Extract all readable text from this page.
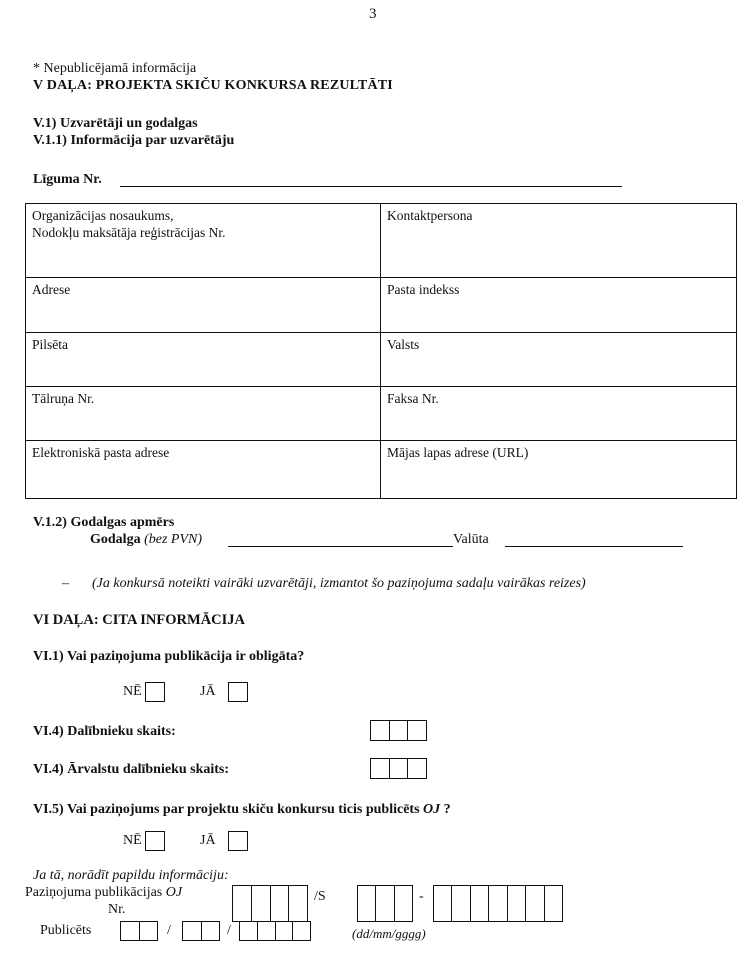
3
* Nepublicējamā informācija
V DAĻA: PROJEKTA SKIČU KONKURSA REZULTĀTI
V.1) Uzvarētāji un godalgas
V.1.1) Informācija par uzvarētāju
Līguma Nr.
Organizācijas nosaukums,
Nodokļu maksātāja reģistrācijas Nr.	Kontaktpersona

Adrese	Pasta indekss

Pilsēta	Valsts

Tālruņa Nr.	Faksa Nr.

Elektroniskā pasta adrese	Mājas lapas adrese (URL)
V.1.2) Godalgas apmērs
Godalga (bez PVN)	Valūta
– (Ja konkursā noteikti vairāki uzvarētāji, izmantot šo paziņojuma sadaļu vairākas reizes)
VI DAĻA: CITA INFORMĀCIJA
VI.1) Vai paziņojuma publikācija ir obligāta?
NĒ	JĀ
VI.4) Dalībnieku skaits:
VI.4) Ārvalstu dalībnieku skaits:
VI.5) Vai paziņojums par projektu skiču konkursu ticis publicēts OJ ?
NĒ	JĀ
Ja tā, norādīt papildu informāciju:
Paziņojuma publikācijas OJ
Nr.
/S	-
Publicēts	/	/	(dd/mm/gggg)
